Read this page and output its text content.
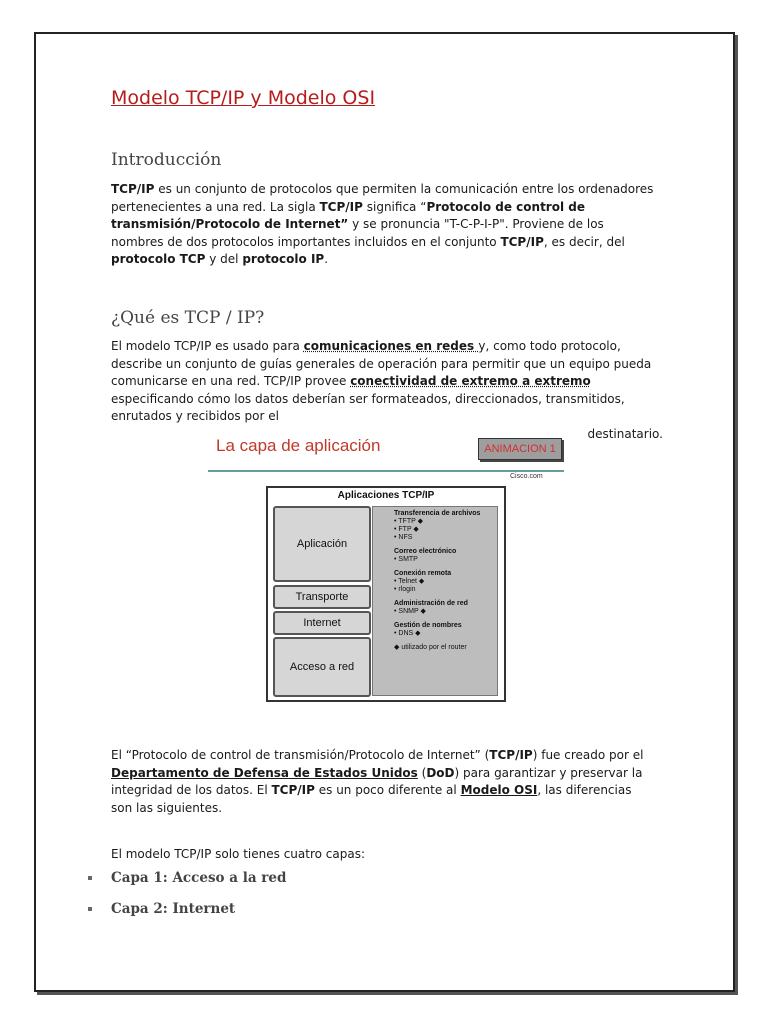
Modelo TCP/IP y Modelo OSI
Introducción
TCP/IP es un conjunto de protocolos que permiten la comunicación entre los ordenadores pertenecientes a una red. La sigla TCP/IP significa “Protocolo de control de transmisión/Protocolo de Internet” y se pronuncia "T-C-P-I-P". Proviene de los nombres de dos protocolos importantes incluidos en el conjunto TCP/IP, es decir, del protocolo TCP y del protocolo IP.
¿Qué es TCP / IP?
El modelo TCP/IP es usado para comunicaciones en redes y, como todo protocolo, describe un conjunto de guías generales de operación para permitir que un equipo pueda comunicarse en una red. TCP/IP provee conectividad de extremo a extremo especificando cómo los datos deberían ser formateados, direccionados, transmitidos, enrutados y recibidos por el
destinatario.
La capa de aplicación	ANIMACION 1
Cisco.com
Aplicaciones TCP/IP
Aplicación
Transporte
Internet
Acceso a red
Transferencia de archivos
• TFTP ◆
• FTP ◆
• NFS
Correo electrónico
• SMTP
Conexión remota
• Telnet ◆
• rlogin
Administración de red
• SNMP ◆
Gestión de nombres
• DNS ◆
◆ utilizado por el router
El “Protocolo de control de transmisión/Protocolo de Internet” (TCP/IP) fue creado por el Departamento de Defensa de Estados Unidos (DoD) para garantizar y preservar la integridad de los datos. El TCP/IP es un poco diferente al Modelo OSI, las diferencias son las siguientes.
El modelo TCP/IP solo tienes cuatro capas:
Capa 1: Acceso a la red
Capa 2: Internet
